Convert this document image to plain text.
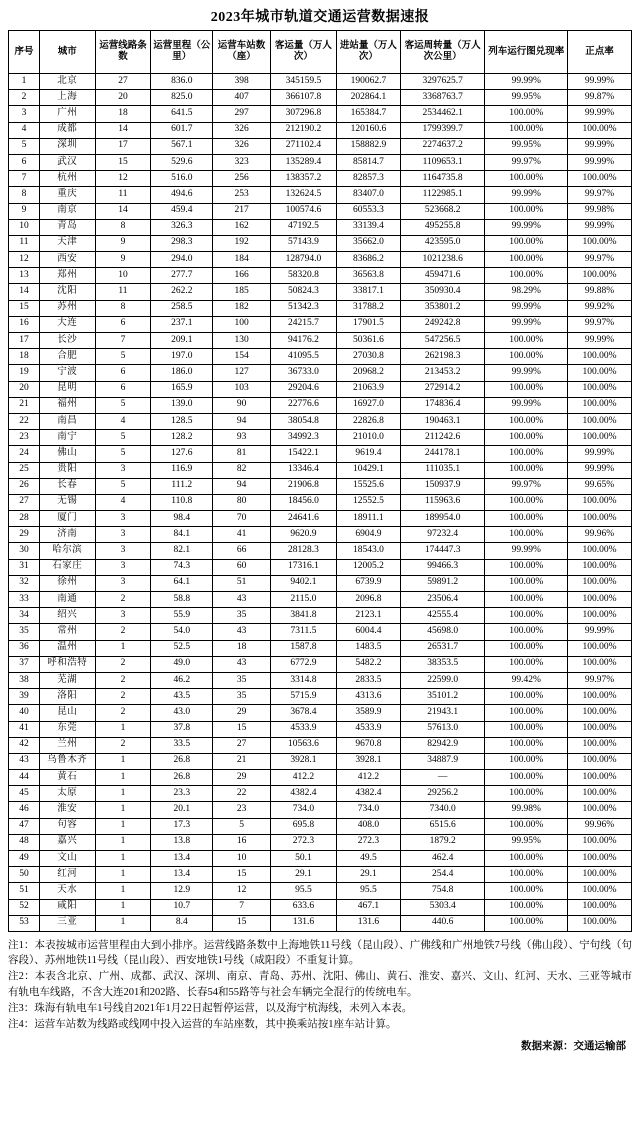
2023年城市轨道交通运营数据速报
序号	城市	运营线路条数	运营里程（公里）	运营车站数（座）	客运量（万人次）	进站量（万人次）	客运周转量（万人次公里）	列车运行图兑现率	正点率
1	北京	27	836.0	398	345159.5	190062.7	3297625.7	99.99%	99.99%
2	上海	20	825.0	407	366107.8	202864.1	3368763.7	99.95%	99.87%
3	广州	18	641.5	297	307296.8	165384.7	2534462.1	100.00%	99.99%
4	成都	14	601.7	326	212190.2	120160.6	1799399.7	100.00%	100.00%
5	深圳	17	567.1	326	271102.4	158882.9	2274637.2	99.95%	99.99%
6	武汉	15	529.6	323	135289.4	85814.7	1109653.1	99.97%	99.99%
7	杭州	12	516.0	256	138357.2	82857.3	1164735.8	100.00%	100.00%
8	重庆	11	494.6	253	132624.5	83407.0	1122985.1	99.99%	99.97%
9	南京	14	459.4	217	100574.6	60553.3	523668.2	100.00%	99.98%
10	青岛	8	326.3	162	47192.5	33139.4	495255.8	99.99%	99.99%
11	天津	9	298.3	192	57143.9	35662.0	423595.0	100.00%	100.00%
12	西安	9	294.0	184	128794.0	83686.2	1021238.6	100.00%	99.97%
13	郑州	10	277.7	166	58320.8	36563.8	459471.6	100.00%	100.00%
14	沈阳	11	262.2	185	50824.3	33817.1	350930.4	98.29%	99.88%
15	苏州	8	258.5	182	51342.3	31788.2	353801.2	99.99%	99.92%
16	大连	6	237.1	100	24215.7	17901.5	249242.8	99.99%	99.97%
17	长沙	7	209.1	130	94176.2	50361.6	547256.5	100.00%	99.99%
18	合肥	5	197.0	154	41095.5	27030.8	262198.3	100.00%	100.00%
19	宁波	6	186.0	127	36733.0	20968.2	213453.2	99.99%	100.00%
20	昆明	6	165.9	103	29204.6	21063.9	272914.2	100.00%	100.00%
21	福州	5	139.0	90	22776.6	16927.0	174836.4	99.99%	100.00%
22	南昌	4	128.5	94	38054.8	22826.8	190463.1	100.00%	100.00%
23	南宁	5	128.2	93	34992.3	21010.0	211242.6	100.00%	100.00%
24	佛山	5	127.6	81	15422.1	9619.4	244178.1	100.00%	99.99%
25	贵阳	3	116.9	82	13346.4	10429.1	111035.1	100.00%	99.99%
26	长春	5	111.2	94	21906.8	15525.6	150937.9	99.97%	99.65%
27	无锡	4	110.8	80	18456.0	12552.5	115963.6	100.00%	100.00%
28	厦门	3	98.4	70	24641.6	18911.1	189954.0	100.00%	100.00%
29	济南	3	84.1	41	9620.9	6904.9	97232.4	100.00%	99.96%
30	哈尔滨	3	82.1	66	28128.3	18543.0	174447.3	99.99%	100.00%
31	石家庄	3	74.3	60	17316.1	12005.2	99466.3	100.00%	100.00%
32	徐州	3	64.1	51	9402.1	6739.9	59891.2	100.00%	100.00%
33	南通	2	58.8	43	2115.0	2096.8	23506.4	100.00%	100.00%
34	绍兴	3	55.9	35	3841.8	2123.1	42555.4	100.00%	100.00%
35	常州	2	54.0	43	7311.5	6004.4	45698.0	100.00%	99.99%
36	温州	1	52.5	18	1587.8	1483.5	26531.7	100.00%	100.00%
37	呼和浩特	2	49.0	43	6772.9	5482.2	38353.5	100.00%	100.00%
38	芜湖	2	46.2	35	3314.8	2833.5	22599.0	99.42%	99.97%
39	洛阳	2	43.5	35	5715.9	4313.6	35101.2	100.00%	100.00%
40	昆山	2	43.0	29	3678.4	3589.9	21943.1	100.00%	100.00%
41	东莞	1	37.8	15	4533.9	4533.9	57613.0	100.00%	100.00%
42	兰州	2	33.5	27	10563.6	9670.8	82942.9	100.00%	100.00%
43	乌鲁木齐	1	26.8	21	3928.1	3928.1	34887.9	100.00%	100.00%
44	黄石	1	26.8	29	412.2	412.2	—	100.00%	100.00%
45	太原	1	23.3	22	4382.4	4382.4	29256.2	100.00%	100.00%
46	淮安	1	20.1	23	734.0	734.0	7340.0	99.98%	100.00%
47	句容	1	17.3	5	695.8	408.0	6515.6	100.00%	99.96%
48	嘉兴	1	13.8	16	272.3	272.3	1879.2	99.95%	100.00%
49	文山	1	13.4	10	50.1	49.5	462.4	100.00%	100.00%
50	红河	1	13.4	15	29.1	29.1	254.4	100.00%	100.00%
51	天水	1	12.9	12	95.5	95.5	754.8	100.00%	100.00%
52	咸阳	1	10.7	7	633.6	467.1	5303.4	100.00%	100.00%
53	三亚	1	8.4	15	131.6	131.6	440.6	100.00%	100.00%
注1：本表按城市运营里程由大到小排序。运营线路条数中上海地铁11号线（昆山段）、广佛线和广州地铁7号线（佛山段）、宁句线（句容段）、苏州地铁11号线（昆山段）、西安地铁1号线（咸阳段）不重复计算。
注2：本表含北京、广州、成都、武汉、深圳、南京、青岛、苏州、沈阳、佛山、黄石、淮安、嘉兴、文山、红河、天水、三亚等城市有轨电车线路，不含大连201和202路、长春54和55路等与社会车辆完全混行的传统电车。
注3：珠海有轨电车1号线自2021年1月22日起暂停运营，以及海宁杭海线，未列入本表。
注4：运营车站数为线路或线网中投入运营的车站座数，其中换乘站按1座车站计算。
数据来源：交通运输部
